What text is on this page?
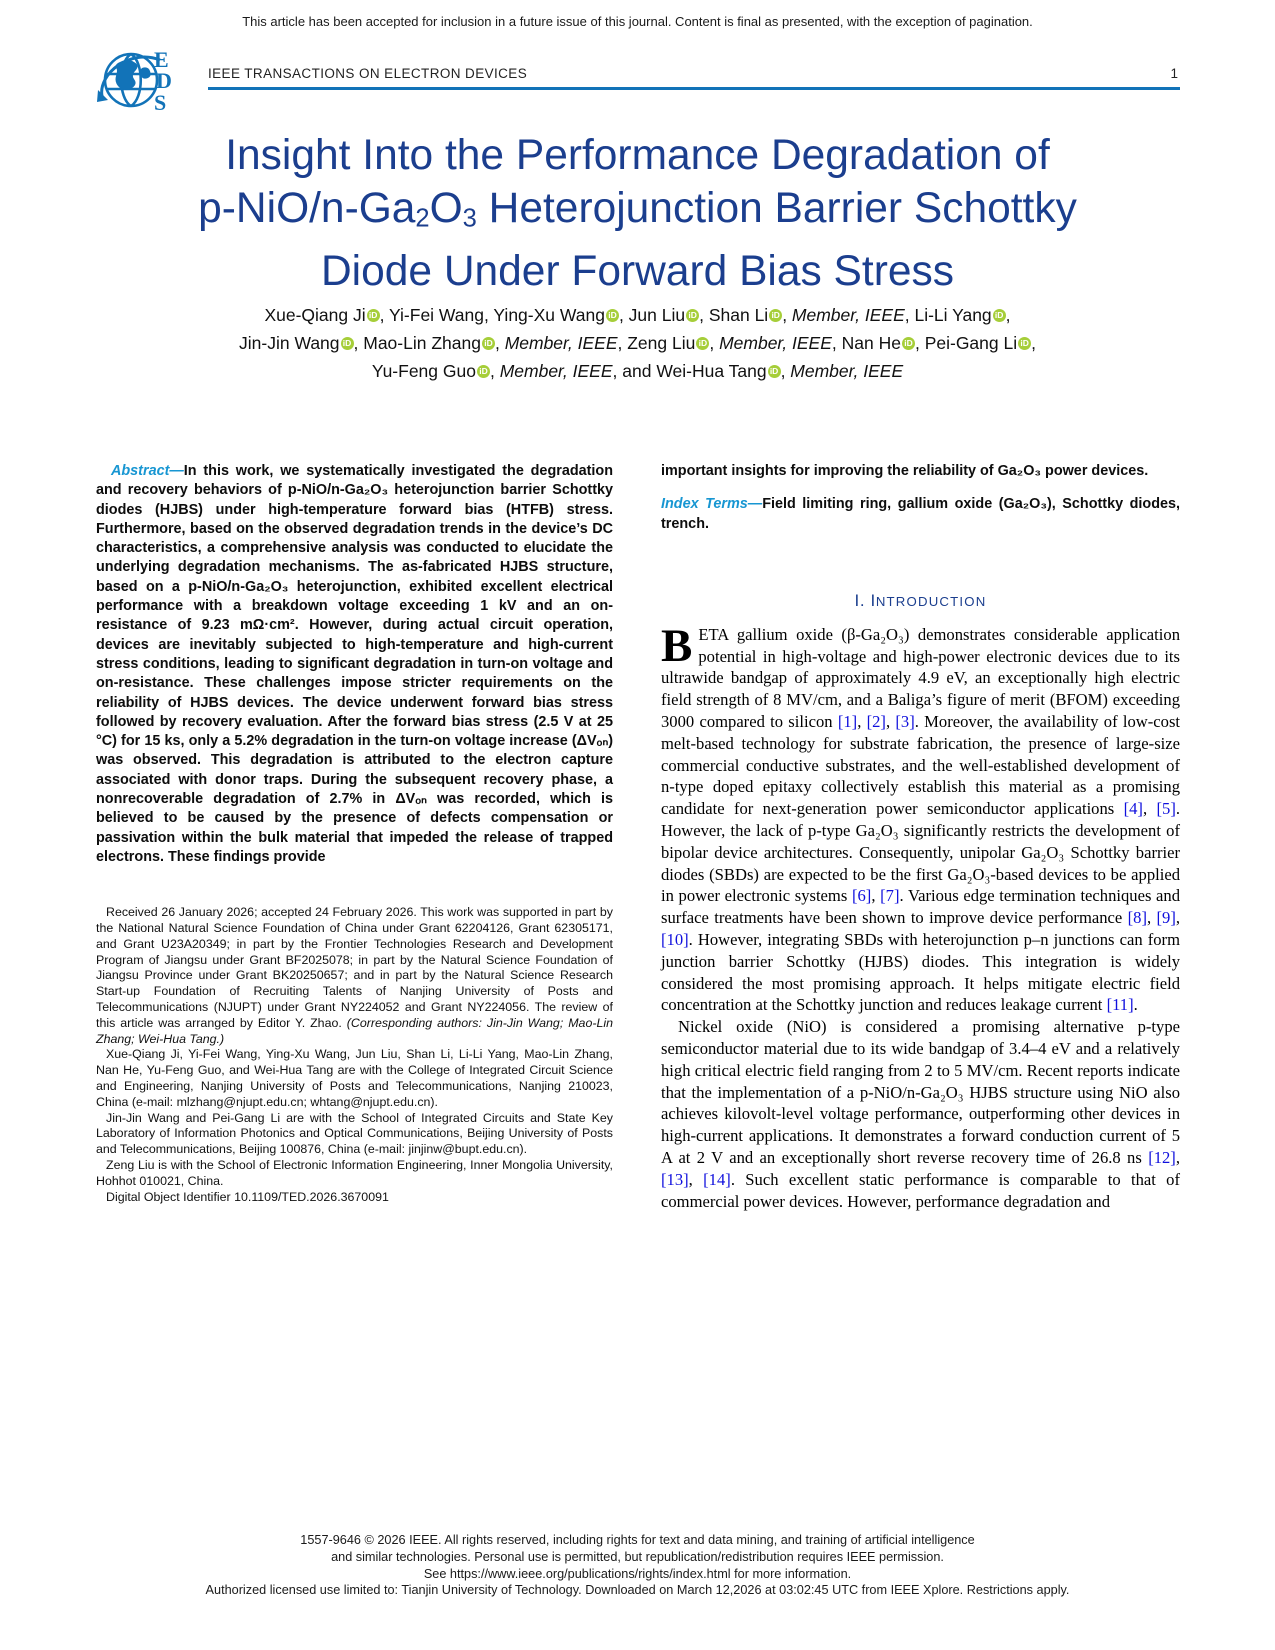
This article has been accepted for inclusion in a future issue of this journal. Content is final as presented, with the exception of pagination.
E
D
S
IEEE TRANSACTIONS ON ELECTRON DEVICES	1
Insight Into the Performance Degradation of
p-NiO/n-Ga2O3 Heterojunction Barrier Schottky
Diode Under Forward Bias Stress
Xue-Qiang Ji iD , Yi-Fei Wang, Ying-Xu Wang iD , Jun Liu iD , Shan Li iD , Member, IEEE, Li-Li Yang iD ,
Jin-Jin Wang iD , Mao-Lin Zhang iD , Member, IEEE, Zeng Liu iD , Member, IEEE, Nan He iD , Pei-Gang Li iD ,
Yu-Feng Guo iD , Member, IEEE, and Wei-Hua Tang iD , Member, IEEE

Abstract—In this work, we systematically investigated the degradation and recovery behaviors of p-NiO/n-Ga₂O₃ heterojunction barrier Schottky diodes (HJBS) under high-temperature forward bias (HTFB) stress. Furthermore, based on the observed degradation trends in the device’s DC characteristics, a comprehensive analysis was conducted to elucidate the underlying degradation mechanisms. The as-fabricated HJBS structure, based on a p-NiO/n-Ga₂O₃ heterojunction, exhibited excellent electrical performance with a breakdown voltage exceeding 1 kV and an on-resistance of 9.23 mΩ·cm². However, during actual circuit operation, devices are inevitably subjected to high-temperature and high-current stress conditions, leading to significant degradation in turn-on voltage and on-resistance. These challenges impose stricter requirements on the reliability of HJBS devices. The device underwent forward bias stress followed by recovery evaluation. After the forward bias stress (2.5 V at 25 °C) for 15 ks, only a 5.2% degradation in the turn-on voltage increase (ΔVₒₙ) was observed. This degradation is attributed to the electron capture associated with donor traps. During the subsequent recovery phase, a nonrecoverable degradation of 2.7% in ΔVₒₙ was recorded, which is believed to be caused by the presence of defects compensation or passivation within the bulk material that impeded the release of trapped electrons. These findings provide

Received 26 January 2026; accepted 24 February 2026. This work was supported in part by the National Natural Science Foundation of China under Grant 62204126, Grant 62305171, and Grant U23A20349; in part by the Frontier Technologies Research and Development Program of Jiangsu under Grant BF2025078; in part by the Natural Science Foundation of Jiangsu Province under Grant BK20250657; and in part by the Natural Science Research Start-up Foundation of Recruiting Talents of Nanjing University of Posts and Telecommunications (NJUPT) under Grant NY224052 and Grant NY224056. The review of this article was arranged by Editor Y. Zhao. (Corresponding authors: Jin-Jin Wang; Mao-Lin Zhang; Wei-Hua Tang.)

Xue-Qiang Ji, Yi-Fei Wang, Ying-Xu Wang, Jun Liu, Shan Li, Li-Li Yang, Mao-Lin Zhang, Nan He, Yu-Feng Guo, and Wei-Hua Tang are with the College of Integrated Circuit Science and Engineering, Nanjing University of Posts and Telecommunications, Nanjing 210023, China (e-mail: mlzhang@njupt.edu.cn; whtang@njupt.edu.cn).

Jin-Jin Wang and Pei-Gang Li are with the School of Integrated Circuits and State Key Laboratory of Information Photonics and Optical Communications, Beijing University of Posts and Telecommunications, Beijing 100876, China (e-mail: jinjinw@bupt.edu.cn).

Zeng Liu is with the School of Electronic Information Engineering, Inner Mongolia University, Hohhot 010021, China.

Digital Object Identifier 10.1109/TED.2026.3670091

important insights for improving the reliability of Ga₂O₃ power devices.

Index Terms—Field limiting ring, gallium oxide (Ga₂O₃), Schottky diodes, trench.

I. INTRODUCTION

BETA gallium oxide (β-Ga₂O₃) demonstrates considerable application potential in high-voltage and high-power electronic devices due to its ultrawide bandgap of approximately 4.9 eV, an exceptionally high electric field strength of 8 MV/cm, and a Baliga’s figure of merit (BFOM) exceeding 3000 compared to silicon [1], [2], [3]. Moreover, the availability of low-cost melt-based technology for substrate fabrication, the presence of large-size commercial conductive substrates, and the well-established development of n-type doped epitaxy collectively establish this material as a promising candidate for next-generation power semiconductor applications [4], [5]. However, the lack of p-type Ga₂O₃ significantly restricts the development of bipolar device architectures. Consequently, unipolar Ga₂O₃ Schottky barrier diodes (SBDs) are expected to be the first Ga₂O₃-based devices to be applied in power electronic systems [6], [7]. Various edge termination techniques and surface treatments have been shown to improve device performance [8], [9], [10]. However, integrating SBDs with heterojunction p–n junctions can form junction barrier Schottky (HJBS) diodes. This integration is widely considered the most promising approach. It helps mitigate electric field concentration at the Schottky junction and reduces leakage current [11].

Nickel oxide (NiO) is considered a promising alternative p-type semiconductor material due to its wide bandgap of 3.4–4 eV and a relatively high critical electric field ranging from 2 to 5 MV/cm. Recent reports indicate that the implementation of a p-NiO/n-Ga₂O₃ HJBS structure using NiO also achieves kilovolt-level voltage performance, outperforming other devices in high-current applications. It demonstrates a forward conduction current of 5 A at 2 V and an exceptionally short reverse recovery time of 26.8 ns [12], [13], [14]. Such excellent static performance is comparable to that of commercial power devices. However, performance degradation and

1557-9646 © 2026 IEEE. All rights reserved, including rights for text and data mining, and training of artificial intelligence
and similar technologies. Personal use is permitted, but republication/redistribution requires IEEE permission.
See https://www.ieee.org/publications/rights/index.html for more information.
Authorized licensed use limited to: Tianjin University of Technology. Downloaded on March 12,2026 at 03:02:45 UTC from IEEE Xplore. Restrictions apply.
